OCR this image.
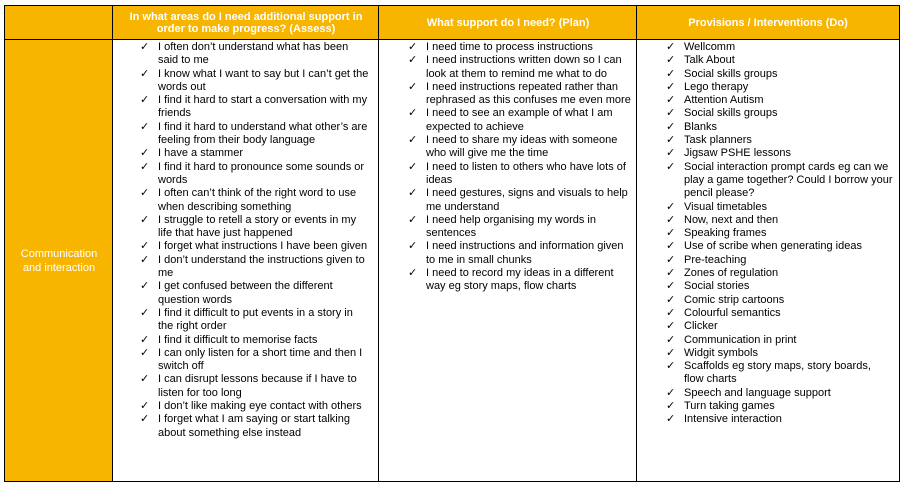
In what areas do I need additional support in order to make progress? (Assess)	What support do I need? (Plan)	Provisions / Interventions (Do)
Communication and interaction
✓ I often don’t understand what has been said to me
✓ I know what I want to say but I can’t get the words out
✓ I find it hard to start a conversation with my friends
✓ I find it hard to understand what other’s are feeling from their body language
✓ I have a stammer
✓ I find it hard to pronounce some sounds or words
✓ I often can’t think of the right word to use when describing something
✓ I struggle to retell a story or events in my life that have just happened
✓ I forget what instructions I have been given
✓ I don’t understand the instructions given to me
✓ I get confused between the different question words
✓ I find it difficult to put events in a story in the right order
✓ I find it difficult to memorise facts
✓ I can only listen for a short time and then I switch off
✓ I can disrupt lessons because if I have to listen for too long
✓ I don’t like making eye contact with others
✓ I forget what I am saying or start talking about something else instead
✓ I need time to process instructions
✓ I need instructions written down so I can look at them to remind me what to do
✓ I need instructions repeated rather than rephrased as this confuses me even more
✓ I need to see an example of what I am expected to achieve
✓ I need to share my ideas with someone who will give me the time
✓ I need to listen to others who have lots of ideas
✓ I need gestures, signs and visuals to help me understand
✓ I need help organising my words in sentences
✓ I need instructions and information given to me in small chunks
✓ I need to record my ideas in a different way eg story maps, flow charts
✓ Wellcomm
✓ Talk About
✓ Social skills groups
✓ Lego therapy
✓ Attention Autism
✓ Social skills groups
✓ Blanks
✓ Task planners
✓ Jigsaw PSHE lessons
✓ Social interaction prompt cards eg can we play a game together? Could I borrow your pencil please?
✓ Visual timetables
✓ Now, next and then
✓ Speaking frames
✓ Use of scribe when generating ideas
✓ Pre-teaching
✓ Zones of regulation
✓ Social stories
✓ Comic strip cartoons
✓ Colourful semantics
✓ Clicker
✓ Communication in print
✓ Widgit symbols
✓ Scaffolds eg story maps, story boards, flow charts
✓ Speech and language support
✓ Turn taking games
✓ Intensive interaction
